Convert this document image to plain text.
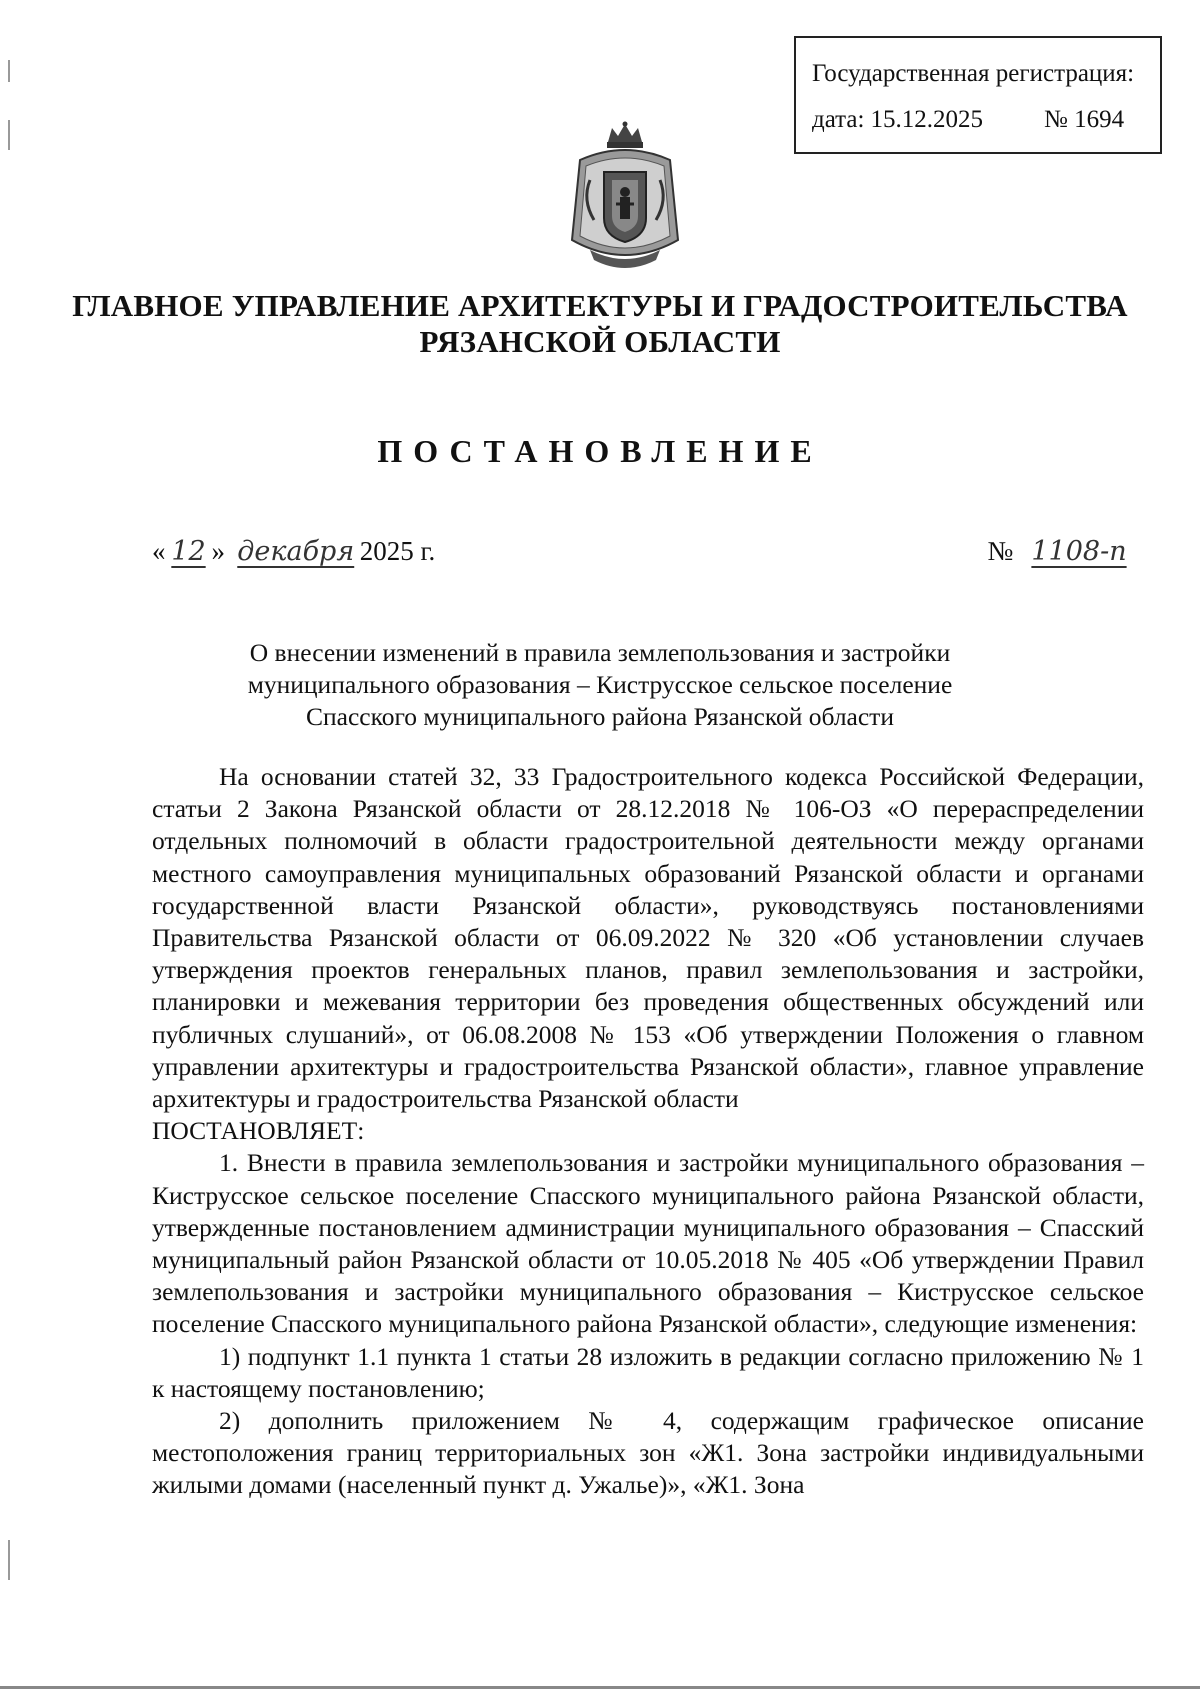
Государственная регистрация:
дата: 15.12.2025 № 1694
ГЛАВНОЕ УПРАВЛЕНИЕ АРХИТЕКТУРЫ И ГРАДОСТРОИТЕЛЬСТВА
РЯЗАНСКОЙ ОБЛАСТИ
ПОСТАНОВЛЕНИЕ
« 12 » декабря 2025 г.	№ 1108-п
О внесении изменений в правила землепользования и застройки
муниципального образования – Киструсское сельское поселение
Спасского муниципального района Рязанской области

На основании статей 32, 33 Градостроительного кодекса Российской Федерации, статьи 2 Закона Рязанской области от 28.12.2018 № 106-ОЗ «О перераспределении отдельных полномочий в области градостроительной деятельности между органами местного самоуправления муниципальных образований Рязанской области и органами государственной власти Рязанской области», руководствуясь постановлениями Правительства Рязанской области от 06.09.2022 № 320 «Об установлении случаев утверждения проектов генеральных планов, правил землепользования и застройки, планировки и межевания территории без проведения общественных обсуждений или публичных слушаний», от 06.08.2008 № 153 «Об утверждении Положения о главном управлении архитектуры и градостроительства Рязанской области», главное управление архитектуры и градостроительства Рязанской области

ПОСТАНОВЛЯЕТ:

1. Внести в правила землепользования и застройки муниципального образования – Киструсское сельское поселение Спасского муниципального района Рязанской области, утвержденные постановлением администрации муниципального образования – Спасский муниципальный район Рязанской области от 10.05.2018 № 405 «Об утверждении Правил землепользования и застройки муниципального образования – Киструсское сельское поселение Спасского муниципального района Рязанской области», следующие изменения:

1) подпункт 1.1 пункта 1 статьи 28 изложить в редакции согласно приложению № 1 к настоящему постановлению;

2) дополнить приложением № 4, содержащим графическое описание местоположения границ территориальных зон «Ж1. Зона застройки индивидуальными жилыми домами (населенный пункт д. Ужалье)», «Ж1. Зона
